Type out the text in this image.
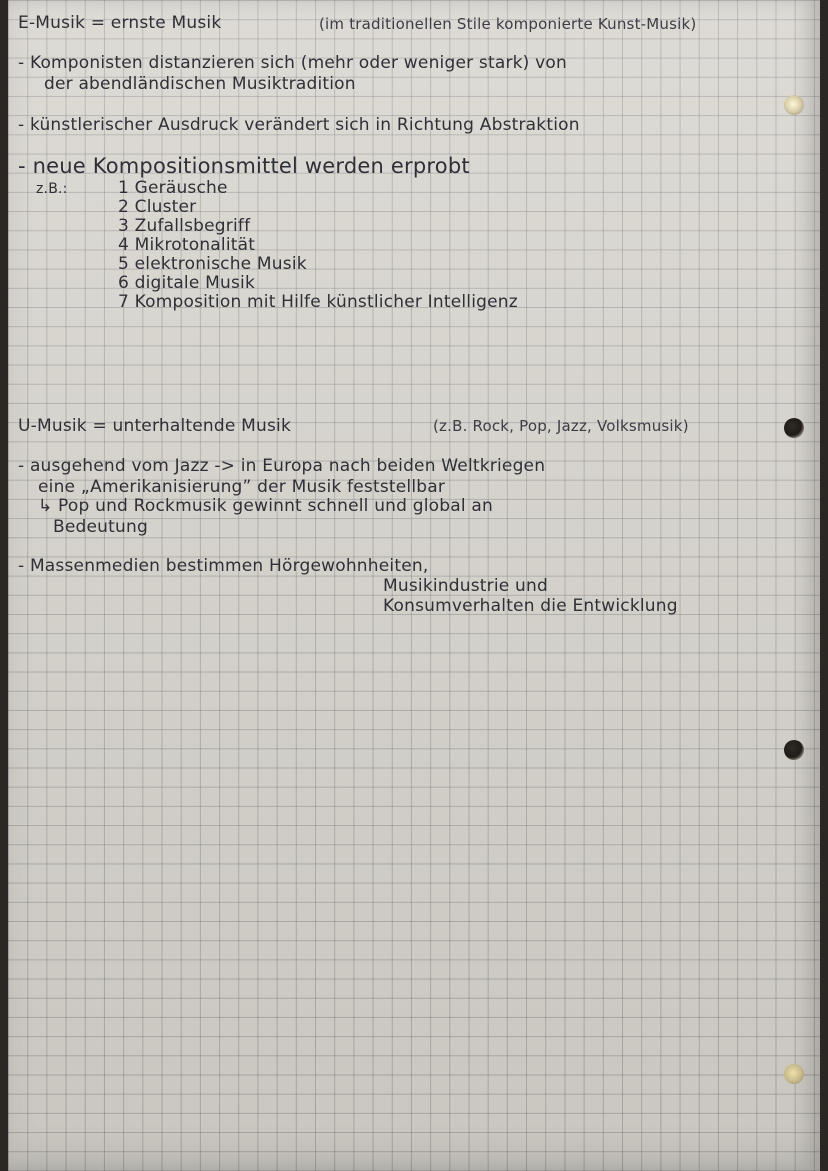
E-Musik = ernste Musik	(im traditionellen Stile komponierte Kunst-Musik)
- Komponisten distanzieren sich (mehr oder weniger stark) von
der abendländischen Musiktradition
- künstlerischer Ausdruck verändert sich in Richtung Abstraktion
- neue Kompositionsmittel werden erprobt
z.B.:	1 Geräusche
2 Cluster
3 Zufallsbegriff
4 Mikrotonalität
5 elektronische Musik
6 digitale Musik
7 Komposition mit Hilfe künstlicher Intelligenz
U-Musik = unterhaltende Musik	(z.B. Rock, Pop, Jazz, Volksmusik)
- ausgehend vom Jazz -> in Europa nach beiden Weltkriegen
eine „Amerikanisierung” der Musik feststellbar
↳ Pop und Rockmusik gewinnt schnell und global an
Bedeutung
- Massenmedien bestimmen Hörgewohnheiten,
Musikindustrie und
Konsumverhalten die Entwicklung
